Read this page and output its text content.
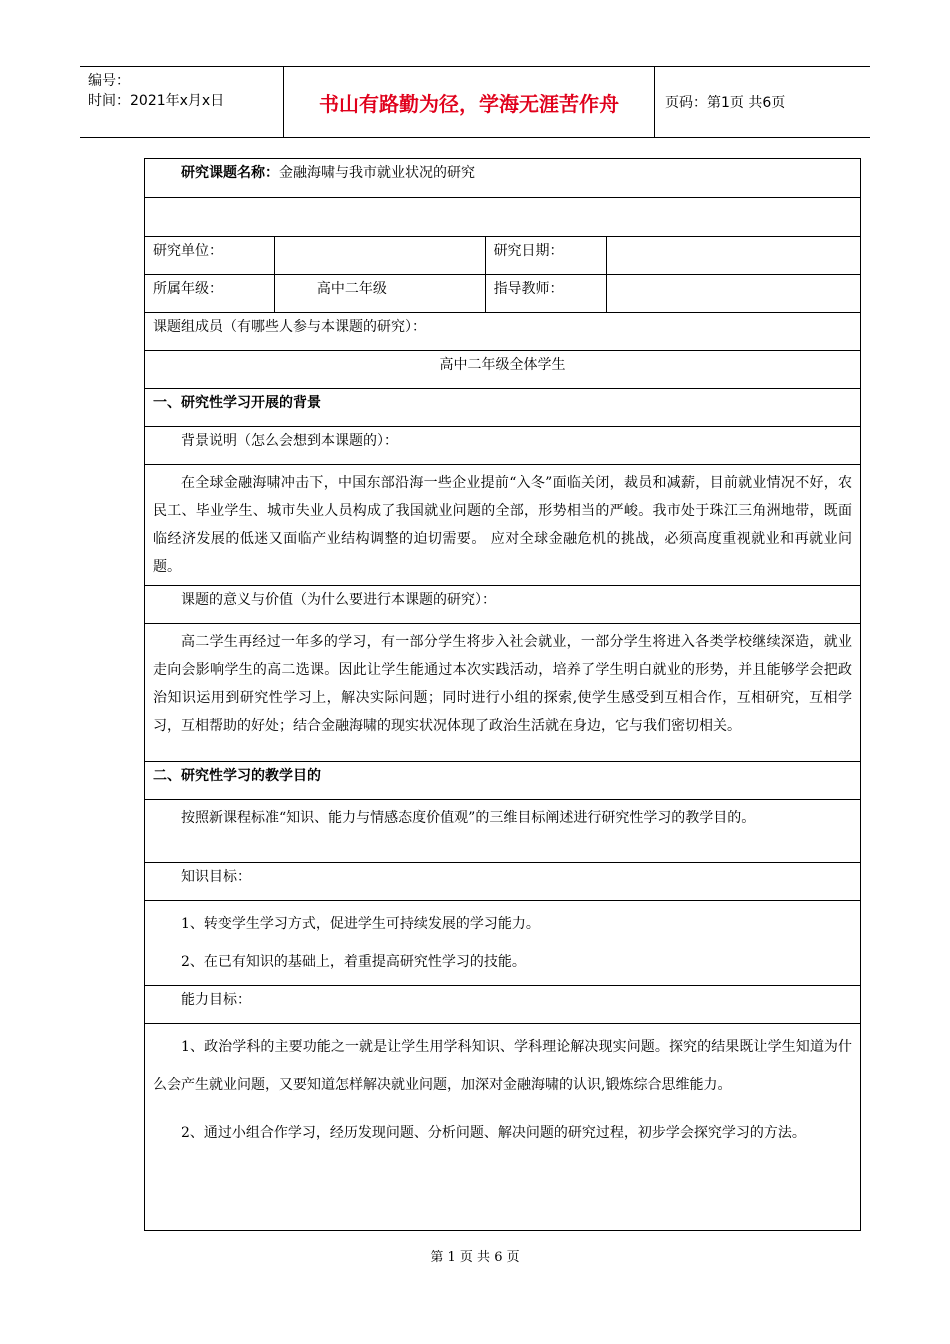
编号：
时间：2021年x月x日	书山有路勤为径，学海无涯苦作舟	页码：第1页 共6页
研究课题名称：金融海啸与我市就业状况的研究			

研究单位：		研究日期：	
所属年级：	高中二年级	指导教师：	
课题组成员（有哪些人参与本课题的研究）：			
高中二年级全体学生			
一、研究性学习开展的背景			
背景说明（怎么会想到本课题的）：			

在全球金融海啸冲击下，中国东部沿海一些企业提前“入冬”面临关闭，裁员和减薪，目前就业情况不好，农民工、毕业学生、城市失业人员构成了我国就业问题的全部，形势相当的严峻。我市处于珠江三角洲地带，既面临经济发展的低迷又面临产业结构调整的迫切需要。 应对全球金融危机的挑战，必须高度重视就业和再就业问题。			

课题的意义与价值（为什么要进行本课题的研究）：			

高二学生再经过一年多的学习，有一部分学生将步入社会就业，一部分学生将进入各类学校继续深造，就业走向会影响学生的高二选课。因此让学生能通过本次实践活动，培养了学生明白就业的形势，并且能够学会把政治知识运用到研究性学习上，解决实际问题；同时进行小组的探索,使学生感受到互相合作，互相研究，互相学习，互相帮助的好处；结合金融海啸的现实状况体现了政治生活就在身边，它与我们密切相关。			

二、研究性学习的教学目的			

按照新课程标准“知识、能力与情感态度价值观”的三维目标阐述进行研究性学习的教学目的。			

知识目标：			

1、转变学生学习方式，促进学生可持续发展的学习能力。

2、在已有知识的基础上，着重提高研究性学习的技能。			

能力目标：			

1、政治学科的主要功能之一就是让学生用学科知识、学科理论解决现实问题。探究的结果既让学生知道为什么会产生就业问题，又要知道怎样解决就业问题，加深对金融海啸的认识,锻炼综合思维能力。

2、通过小组合作学习，经历发现问题、分析问题、解决问题的研究过程，初步学会探究学习的方法。			

第 1 页 共 6 页
